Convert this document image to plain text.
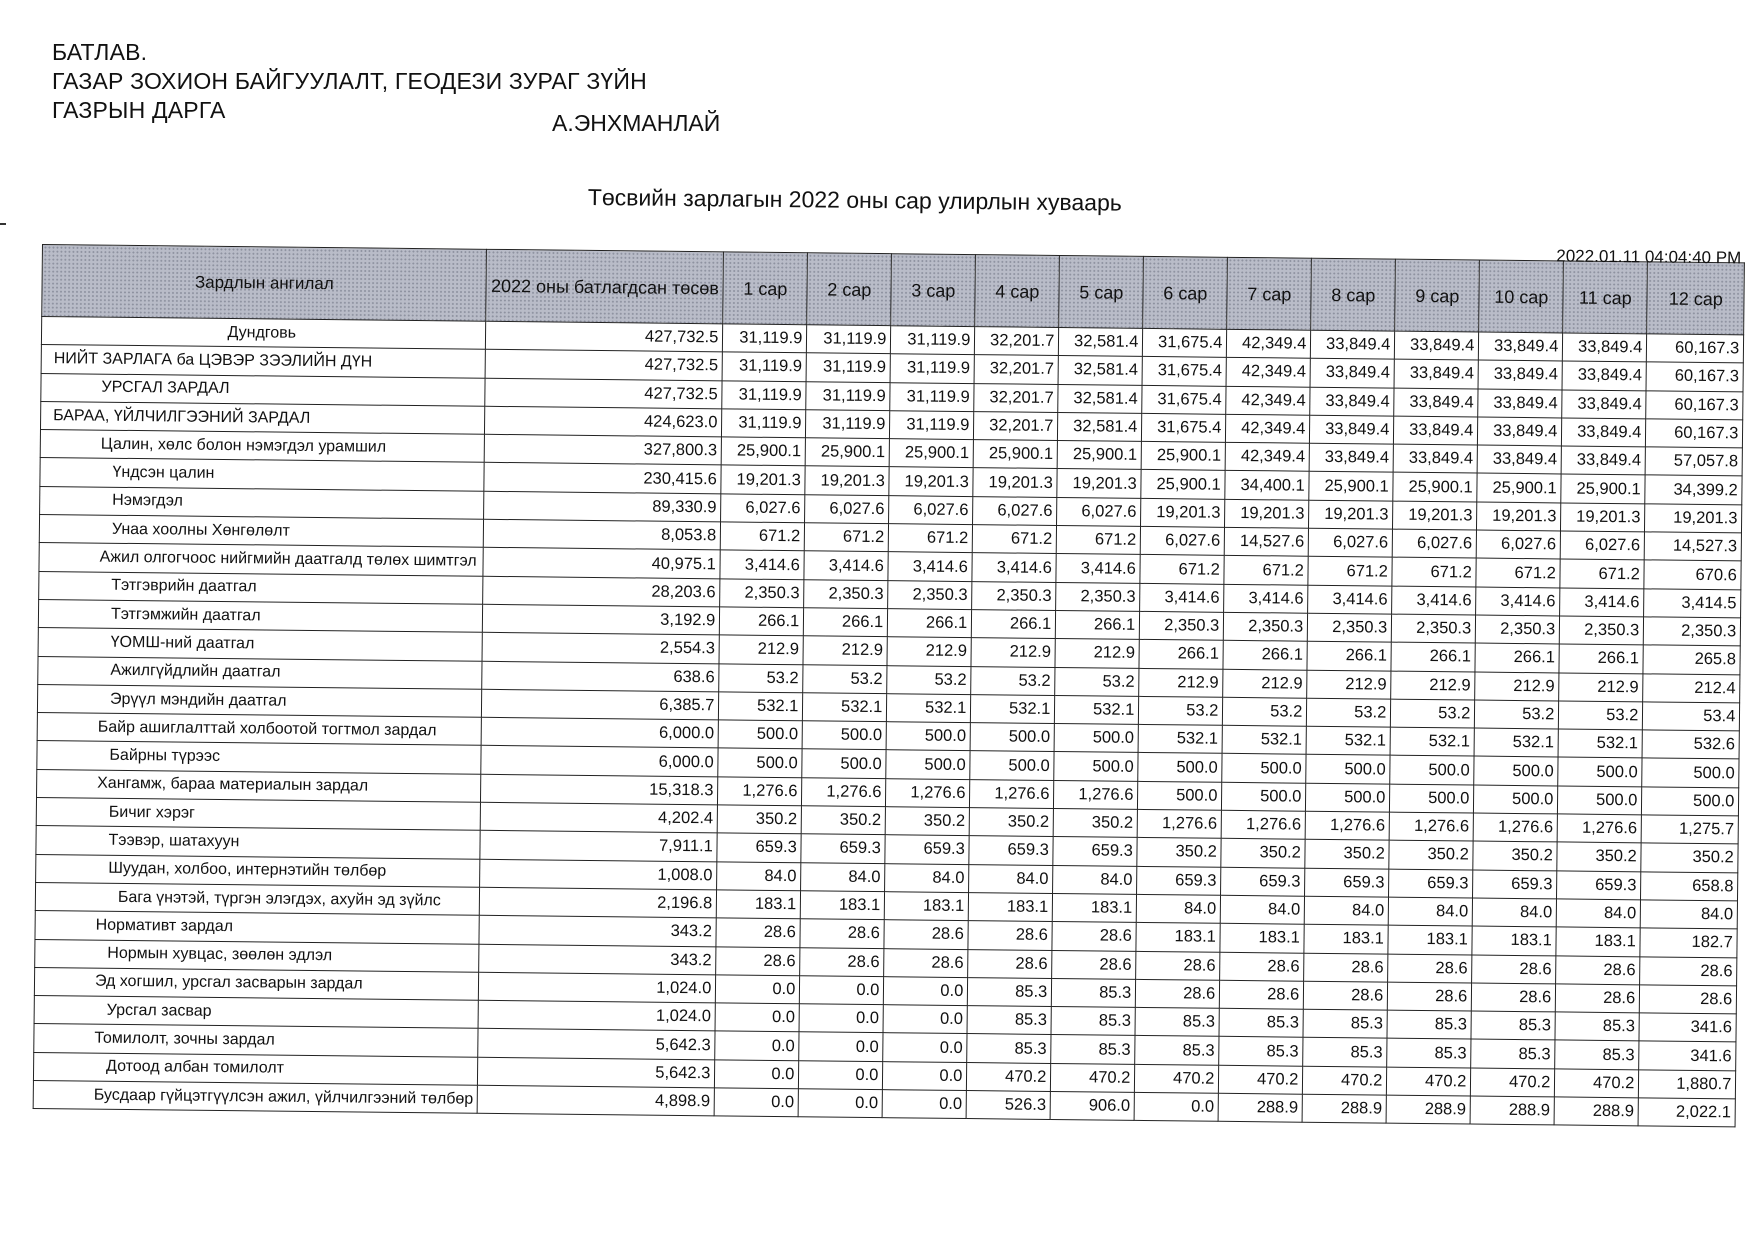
БАТЛАВ.
ГАЗАР ЗОХИОН БАЙГУУЛАЛТ, ГЕОДЕЗИ ЗУРАГ ЗҮЙН
ГАЗРЫН ДАРГА	А.ЭНХМАНЛАЙ
Төсвийн зарлагын 2022 оны сар улирлын хуваарь
2022.01.11 04:04:40 PM
Зардлын ангилал	2022 оны батлагдсан төсөв	1 сар	2 сар	3 сар	4 сар	5 сар	6 сар	7 сар	8 сар	9 сар	10 сар	11 сар	12 сар
Дундговь	427,732.5	31,119.9	31,119.9	31,119.9	32,201.7	32,581.4	31,675.4	42,349.4	33,849.4	33,849.4	33,849.4	33,849.4	60,167.3
НИЙТ ЗАРЛАГА ба ЦЭВЭР ЗЭЭЛИЙН ДҮН	427,732.5	31,119.9	31,119.9	31,119.9	32,201.7	32,581.4	31,675.4	42,349.4	33,849.4	33,849.4	33,849.4	33,849.4	60,167.3
УРСГАЛ ЗАРДАЛ	427,732.5	31,119.9	31,119.9	31,119.9	32,201.7	32,581.4	31,675.4	42,349.4	33,849.4	33,849.4	33,849.4	33,849.4	60,167.3
БАРАА, ҮЙЛЧИЛГЭЭНИЙ ЗАРДАЛ	424,623.0	31,119.9	31,119.9	31,119.9	32,201.7	32,581.4	31,675.4	42,349.4	33,849.4	33,849.4	33,849.4	33,849.4	60,167.3
Цалин, хөлс болон нэмэгдэл урамшил	327,800.3	25,900.1	25,900.1	25,900.1	25,900.1	25,900.1	25,900.1	42,349.4	33,849.4	33,849.4	33,849.4	33,849.4	57,057.8
Үндсэн цалин	230,415.6	19,201.3	19,201.3	19,201.3	19,201.3	19,201.3	25,900.1	34,400.1	25,900.1	25,900.1	25,900.1	25,900.1	34,399.2
Нэмэгдэл	89,330.9	6,027.6	6,027.6	6,027.6	6,027.6	6,027.6	19,201.3	19,201.3	19,201.3	19,201.3	19,201.3	19,201.3	19,201.3
Унаа хоолны Хөнгөлөлт	8,053.8	671.2	671.2	671.2	671.2	671.2	6,027.6	14,527.6	6,027.6	6,027.6	6,027.6	6,027.6	14,527.3
Ажил олгогчоос нийгмийн даатгалд төлөх шимтгэл	40,975.1	3,414.6	3,414.6	3,414.6	3,414.6	3,414.6	671.2	671.2	671.2	671.2	671.2	671.2	670.6
Тэтгэврийн даатгал	28,203.6	2,350.3	2,350.3	2,350.3	2,350.3	2,350.3	3,414.6	3,414.6	3,414.6	3,414.6	3,414.6	3,414.6	3,414.5
Тэтгэмжийн даатгал	3,192.9	266.1	266.1	266.1	266.1	266.1	2,350.3	2,350.3	2,350.3	2,350.3	2,350.3	2,350.3	2,350.3
ҮОМШ-ний даатгал	2,554.3	212.9	212.9	212.9	212.9	212.9	266.1	266.1	266.1	266.1	266.1	266.1	265.8
Ажилгүйдлийн даатгал	638.6	53.2	53.2	53.2	53.2	53.2	212.9	212.9	212.9	212.9	212.9	212.9	212.4
Эрүүл мэндийн даатгал	6,385.7	532.1	532.1	532.1	532.1	532.1	53.2	53.2	53.2	53.2	53.2	53.2	53.4
Байр ашиглалттай холбоотой тогтмол зардал	6,000.0	500.0	500.0	500.0	500.0	500.0	532.1	532.1	532.1	532.1	532.1	532.1	532.6
Байрны түрээс	6,000.0	500.0	500.0	500.0	500.0	500.0	500.0	500.0	500.0	500.0	500.0	500.0	500.0
Хангамж, бараа материалын зардал	15,318.3	1,276.6	1,276.6	1,276.6	1,276.6	1,276.6	500.0	500.0	500.0	500.0	500.0	500.0	500.0
Бичиг хэрэг	4,202.4	350.2	350.2	350.2	350.2	350.2	1,276.6	1,276.6	1,276.6	1,276.6	1,276.6	1,276.6	1,275.7
Тээвэр, шатахуун	7,911.1	659.3	659.3	659.3	659.3	659.3	350.2	350.2	350.2	350.2	350.2	350.2	350.2
Шуудан, холбоо, интернэтийн төлбөр	1,008.0	84.0	84.0	84.0	84.0	84.0	659.3	659.3	659.3	659.3	659.3	659.3	658.8
Бага үнэтэй, түргэн элэгдэх, ахуйн эд зүйлс	2,196.8	183.1	183.1	183.1	183.1	183.1	84.0	84.0	84.0	84.0	84.0	84.0	84.0
Нормативт зардал	343.2	28.6	28.6	28.6	28.6	28.6	183.1	183.1	183.1	183.1	183.1	183.1	182.7
Нормын хувцас, зөөлөн эдлэл	343.2	28.6	28.6	28.6	28.6	28.6	28.6	28.6	28.6	28.6	28.6	28.6	28.6
Эд хогшил, урсгал засварын зардал	1,024.0	0.0	0.0	0.0	85.3	85.3	28.6	28.6	28.6	28.6	28.6	28.6	28.6
Урсгал засвар	1,024.0	0.0	0.0	0.0	85.3	85.3	85.3	85.3	85.3	85.3	85.3	85.3	341.6
Томилолт, зочны зардал	5,642.3	0.0	0.0	0.0	85.3	85.3	85.3	85.3	85.3	85.3	85.3	85.3	341.6
Дотоод албан томилолт	5,642.3	0.0	0.0	0.0	470.2	470.2	470.2	470.2	470.2	470.2	470.2	470.2	1,880.7
Бусдаар гүйцэтгүүлсэн ажил, үйлчилгээний төлбөр	4,898.9	0.0	0.0	0.0	526.3	906.0	0.0	288.9	288.9	288.9	288.9	288.9	2,022.1
